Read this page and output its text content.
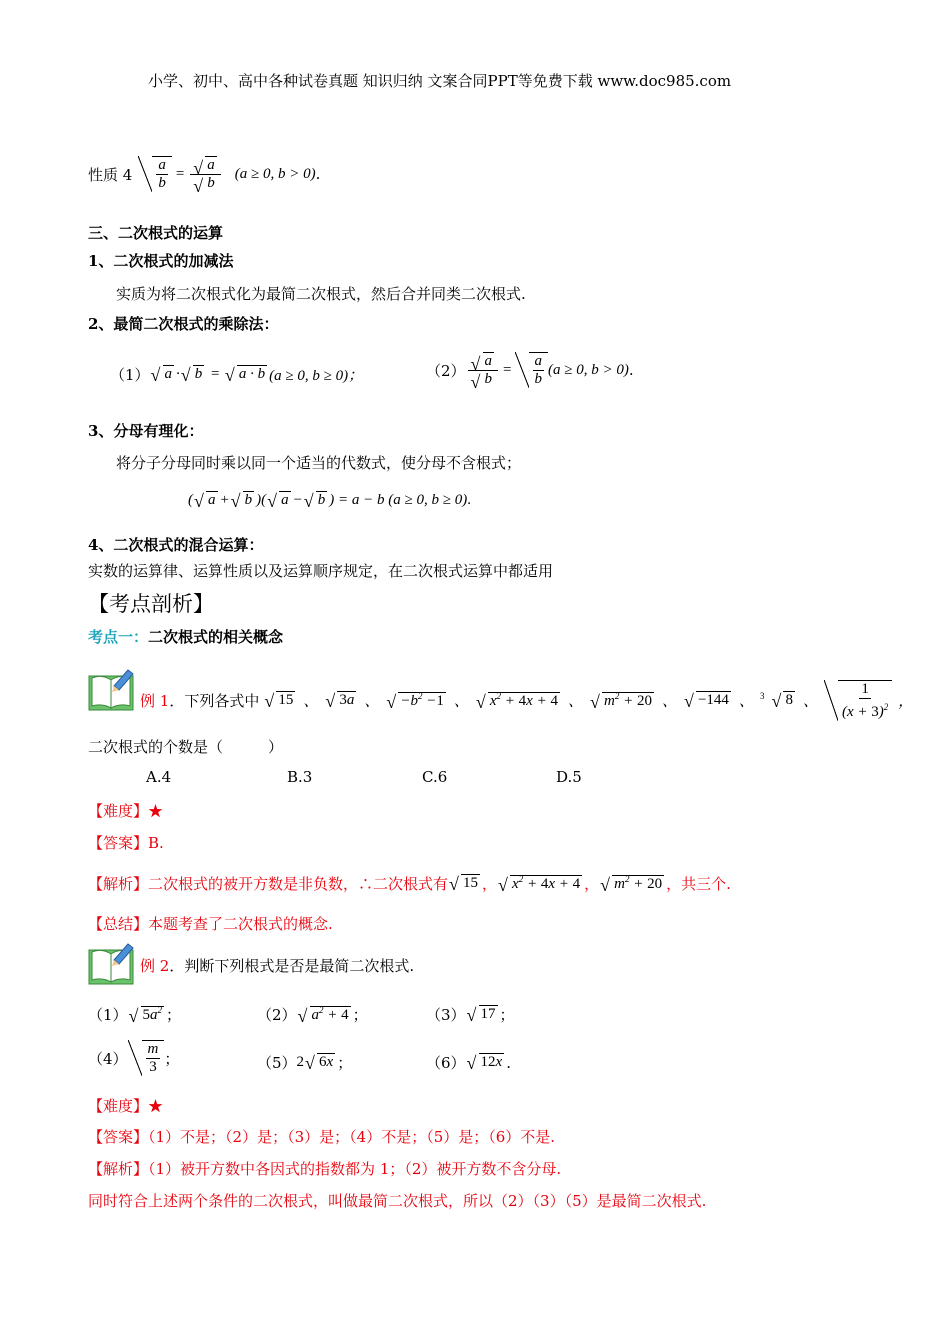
小学、初中、高中各种试卷真题 知识归纳 文案合同PPT等免费下载 www.doc985.com
性质 $4 \frac{a}{b}$ = √ a
√ b (a ≥ 0, b > 0) .
三、二次根式的运算
1、二次根式的加减法
实质为将二次根式化为最简二次根式，然后合并同类二次根式.
2、最简二次根式的乘除法：
（1）	√ a · √ b = √ a · b (a ≥ 0, b ≥ 0)；	（2） √ a
√ $b = \frac{a}{b} (a \ge 0$, b > 0) .
3、分母有理化：
将分子分母同时乘以同一个适当的代数式，使分母不含根式；
( √ a + √ b )( √ a − √ b ) = a − b (a ≥ 0, b ≥ 0).
4、二次根式的混合运算：
实数的运算律、运算性质以及运算顺序规定，在二次根式运算中都适用
【考点剖析】
考点一：二次根式的相关概念
例 1 ．下列各式中	√ 15 、	√ 3a 、	√ $-b^2 -1$ 、	√ $x^2 + 4x + 4$ 、	√ $m^2 + 20$ 、	√ −144 、 $^3$	√ 8 、 $\frac{1}{(x + 3)^2}$ ，
二次根式的个数是（　　　）
A.4	B.3	C.6	D.5
【难度】★
【答案】B.
【解析】 二次根式的被开方数是非负数，∴二次根式有	√ 15 ，	√ $x^2 + 4x + 4$ ，	√ $m^2 + 20$ ，共三个.
【总结】本题考查了二次根式的概念.
例 2．判断下列根式是否是最简二次根式.
（1）	√ $5a^2$ ；	（2）	√ $a^2 + 4$ ；	（3）	√ 17 ；
$(4) \frac{m}{3}$ ；	（5） 2 √ 6x ；	（6）	√ 12x .
【难度】★
【答案】（1）不是；（2）是；（3）是；（4）不是；（5）是；（6）不是.
【解析】（1）被开方数中各因式的指数都为 1；（2）被开方数不含分母.
同时符合上述两个条件的二次根式，叫做最简二次根式，所以（2）（3）（5）是最简二次根式.
